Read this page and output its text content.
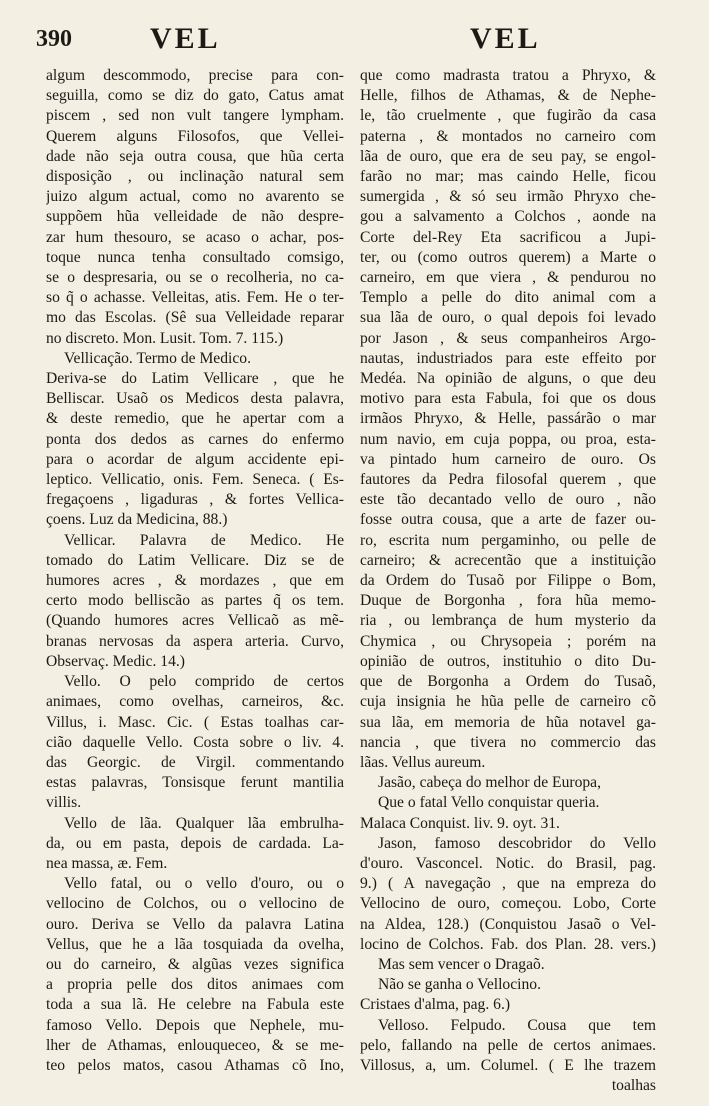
390	VEL	VEL
algum descommodo, precise para con-
seguilla, como se diz do gato, Catus amat
piscem , sed non vult tangere lympham.
Querem alguns Filosofos, que Vellei-
dade não seja outra cousa, que hũa certa
disposição , ou inclinação natural sem
juizo algum actual, como no avarento se
suppõem hũa velleidade de não despre-
zar hum thesouro, se acaso o achar, pos-
toque nunca tenha consultado comsigo,
se o despresaria, ou se o recolheria, no ca-
so q̃ o achasse. Velleitas, atis. Fem. He o ter-
mo das Escolas. (Sê sua Velleidade reparar
no discreto. Mon. Lusit. Tom. 7. 115.)
Vellicação. Termo de Medico.
Deriva-se do Latim Vellicare , que he
Belliscar. Usaõ os Medicos desta palavra,
& deste remedio, que he apertar com a
ponta dos dedos as carnes do enfermo
para o acordar de algum accidente epi-
leptico. Vellicatio, onis. Fem. Seneca. ( Es-
fregaçoens , ligaduras , & fortes Vellica-
çoens. Luz da Medicina, 88.)
Vellicar. Palavra de Medico. He
tomado do Latim Vellicare. Diz se de
humores acres , & mordazes , que em
certo modo belliscão as partes q̃ os tem.
(Quando humores acres Vellicaõ as mẽ-
branas nervosas da aspera arteria. Curvo,
Observaç. Medic. 14.)
Vello. O pelo comprido de certos
animaes, como ovelhas, carneiros, &c.
Villus, i. Masc. Cic. ( Estas toalhas car-
cião daquelle Vello. Costa sobre o liv. 4.
das Georgic. de Virgil. commentando
estas palavras, Tonsisque ferunt mantilia
villis.
Vello de lãa. Qualquer lãa embrulha-
da, ou em pasta, depois de cardada. La-
nea massa, æ. Fem.
Vello fatal, ou o vello d'ouro, ou o
vellocino de Colchos, ou o vellocino de
ouro. Deriva se Vello da palavra Latina
Vellus, que he a lãa tosquiada da ovelha,
ou do carneiro, & algũas vezes significa
a propria pelle dos ditos animaes com
toda a sua lã. He celebre na Fabula este
famoso Vello. Depois que Nephele, mu-
lher de Athamas, enlouqueceo, & se me-
teo pelos matos, casou Athamas cõ Ino,
que como madrasta tratou a Phryxo, &
Helle, filhos de Athamas, & de Nephe-
le, tão cruelmente , que fugirão da casa
paterna , & montados no carneiro com
lãa de ouro, que era de seu pay, se engol-
farão no mar; mas caindo Helle, ficou
sumergida , & só seu irmão Phryxo che-
gou a salvamento a Colchos , aonde na
Corte del-Rey Eta sacrificou a Jupi-
ter, ou (como outros querem) a Marte o
carneiro, em que viera , & pendurou no
Templo a pelle do dito animal com a
sua lãa de ouro, o qual depois foi levado
por Jason , & seus companheiros Argo-
nautas, industriados para este effeito por
Medéa. Na opinião de alguns, o que deu
motivo para esta Fabula, foi que os dous
irmãos Phryxo, & Helle, passárão o mar
num navio, em cuja poppa, ou proa, esta-
va pintado hum carneiro de ouro. Os
fautores da Pedra filosofal querem , que
este tão decantado vello de ouro , não
fosse outra cousa, que a arte de fazer ou-
ro, escrita num pergaminho, ou pelle de
carneiro; & acrecentão que a instituição
da Ordem do Tusaõ por Filippe o Bom,
Duque de Borgonha , fora hũa memo-
ria , ou lembrança de hum mysterio da
Chymica , ou Chrysopeia ; porém na
opinião de outros, instituhio o dito Du-
que de Borgonha a Ordem do Tusaõ,
cuja insignia he hũa pelle de carneiro cõ
sua lãa, em memoria de hũa notavel ga-
nancia , que tivera no commercio das
lãas. Vellus aureum.
Jasão, cabeça do melhor de Europa,
Que o fatal Vello conquistar queria.
Malaca Conquist. liv. 9. oyt. 31.
Jason, famoso descobridor do Vello
d'ouro. Vasconcel. Notic. do Brasil, pag.
9.) ( A navegação , que na empreza do
Vellocino de ouro, começou. Lobo, Corte
na Aldea, 128.) (Conquistou Jasaõ o Vel-
locino de Colchos. Fab. dos Plan. 28. vers.)
Mas sem vencer o Dragaõ.
Não se ganha o Vellocino.
Cristaes d'alma, pag. 6.)
Velloso. Felpudo. Cousa que tem
pelo, fallando na pelle de certos animaes.
Villosus, a, um. Columel. ( E lhe trazem
toalhas
